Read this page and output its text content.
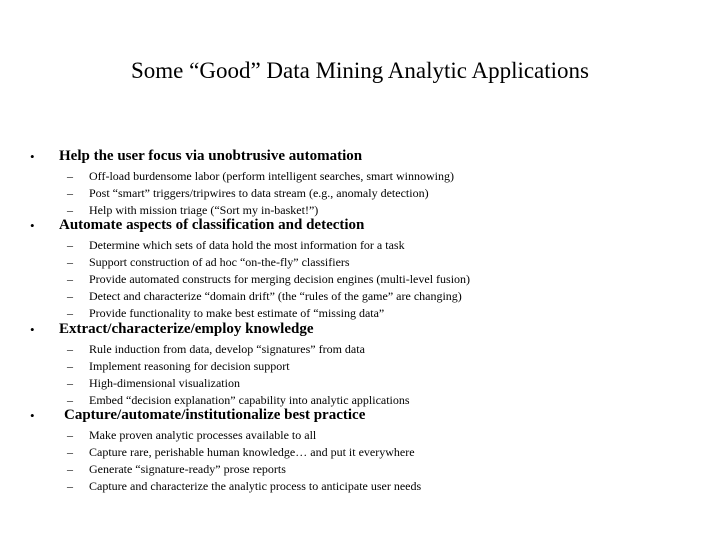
Some “Good” Data Mining Analytic Applications
• Help the user focus via unobtrusive automation
– Off-load burdensome labor (perform intelligent searches, smart winnowing)
– Post “smart” triggers/tripwires to data stream (e.g., anomaly detection)
– Help with mission triage (“Sort my in-basket!”)
• Automate aspects of classification and detection
– Determine which sets of data hold the most information for a task
– Support construction of ad hoc “on-the-fly” classifiers
– Provide automated constructs for merging decision engines (multi-level fusion)
– Detect and characterize “domain drift” (the “rules of the game” are changing)
– Provide functionality to make best estimate of “missing data”
• Extract/characterize/employ knowledge
– Rule induction from data, develop “signatures” from data
– Implement reasoning for decision support
– High-dimensional visualization
– Embed “decision explanation” capability into analytic applications
• Capture/automate/institutionalize best practice
– Make proven analytic processes available to all
– Capture rare, perishable human knowledge… and put it everywhere
– Generate “signature-ready” prose reports
– Capture and characterize the analytic process to anticipate user needs
